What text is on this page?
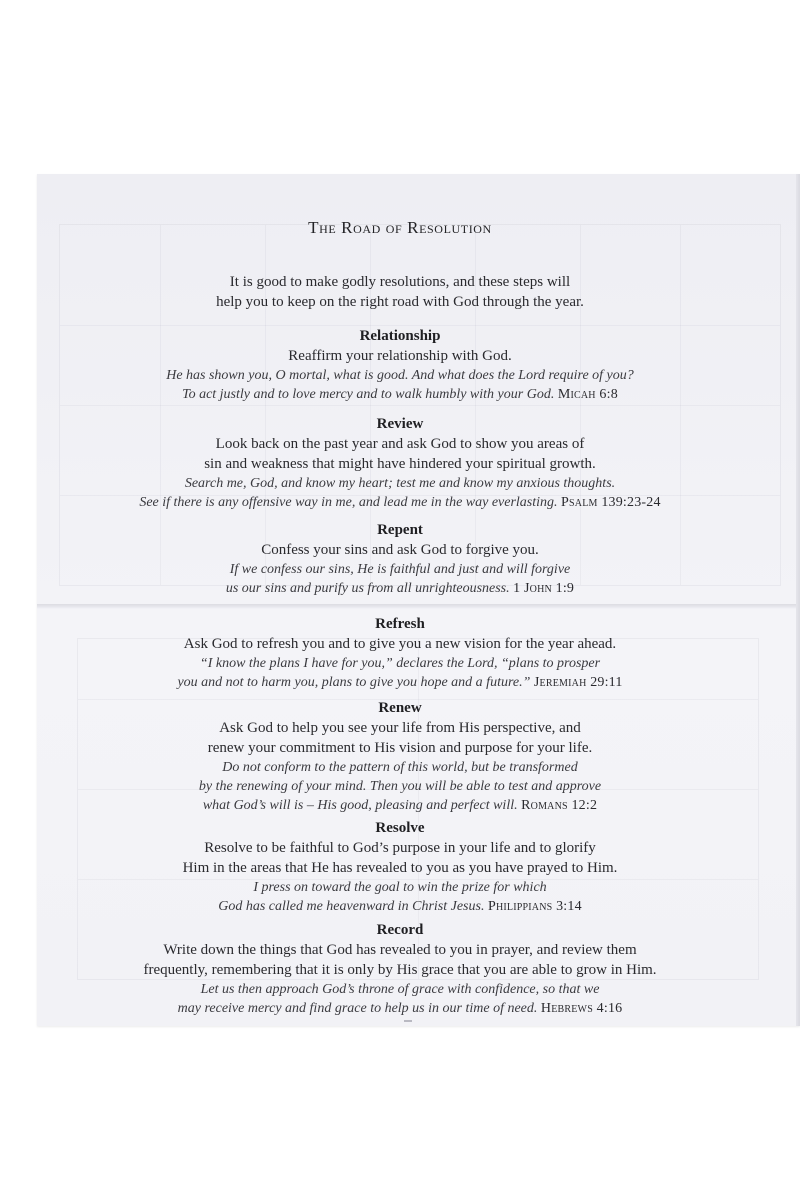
The Road of Resolution
It is good to make godly resolutions, and these steps will
help you to keep on the right road with God through the year.
Relationship
Reaffirm your relationship with God.
He has shown you, O mortal, what is good. And what does the Lord require of you?
To act justly and to love mercy and to walk humbly with your God. Micah 6:8
Review
Look back on the past year and ask God to show you areas of
sin and weakness that might have hindered your spiritual growth.
Search me, God, and know my heart; test me and know my anxious thoughts.
See if there is any offensive way in me, and lead me in the way everlasting. Psalm 139:23-24
Repent
Confess your sins and ask God to forgive you.
If we confess our sins, He is faithful and just and will forgive
us our sins and purify us from all unrighteousness. 1 John 1:9
Refresh
Ask God to refresh you and to give you a new vision for the year ahead.
“I know the plans I have for you,” declares the Lord, “plans to prosper
you and not to harm you, plans to give you hope and a future.” Jeremiah 29:11
Renew
Ask God to help you see your life from His perspective, and
renew your commitment to His vision and purpose for your life.
Do not conform to the pattern of this world, but be transformed
by the renewing of your mind. Then you will be able to test and approve
what God’s will is – His good, pleasing and perfect will. Romans 12:2
Resolve
Resolve to be faithful to God’s purpose in your life and to glorify
Him in the areas that He has revealed to you as you have prayed to Him.
I press on toward the goal to win the prize for which
God has called me heavenward in Christ Jesus. Philippians 3:14
Record
Write down the things that God has revealed to you in prayer, and review them
frequently, remembering that it is only by His grace that you are able to grow in Him.
Let us then approach God’s throne of grace with confidence, so that we
may receive mercy and find grace to help us in our time of need. Hebrews 4:16
